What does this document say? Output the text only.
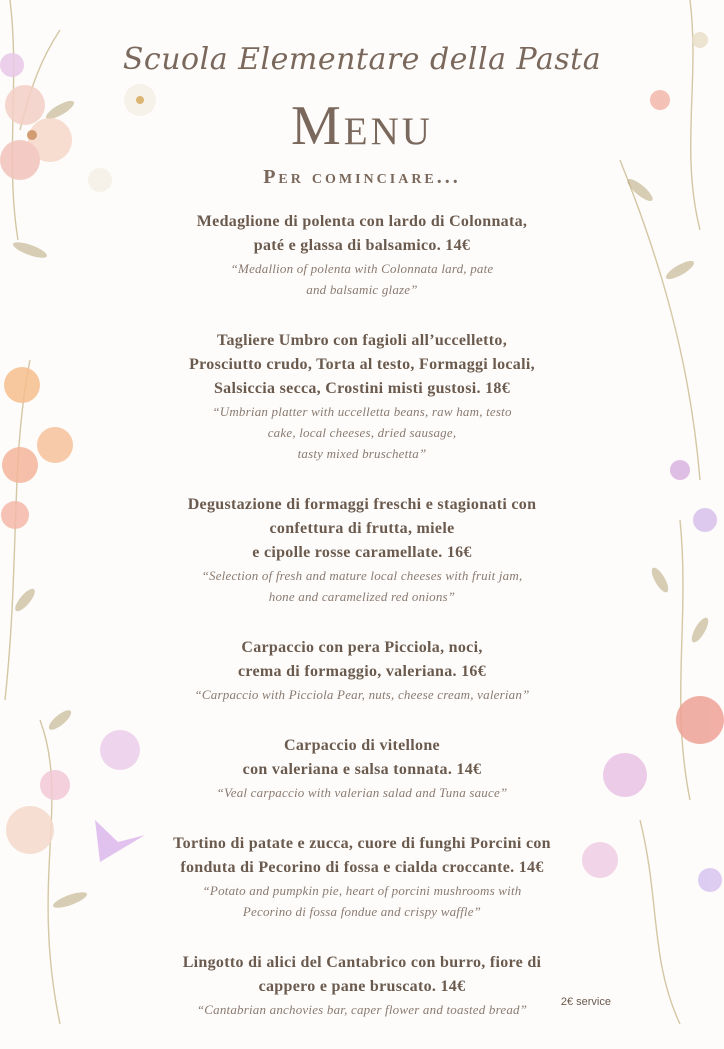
Scuola Elementare della Pasta
Menu
Per cominciare...
Medaglione di polenta con lardo di Colonnata,
paté e glassa di balsamico. 14€
“Medallion of polenta with Colonnata lard, pate
and balsamic glaze”
Tagliere Umbro con fagioli all’uccelletto,
Prosciutto crudo, Torta al testo, Formaggi locali,
Salsiccia secca, Crostini misti gustosi. 18€
“Umbrian platter with uccelletta beans, raw ham, testo
cake, local cheeses, dried sausage,
tasty mixed bruschetta”
Degustazione di formaggi freschi e stagionati con
confettura di frutta, miele
e cipolle rosse caramellate. 16€
“Selection of fresh and mature local cheeses with fruit jam,
hone and caramelized red onions”
Carpaccio con pera Picciola, noci,
crema di formaggio, valeriana. 16€
“Carpaccio with Picciola Pear, nuts, cheese cream, valerian”
Carpaccio di vitellone
con valeriana e salsa tonnata. 14€
“Veal carpaccio with valerian salad and Tuna sauce”
Tortino di patate e zucca, cuore di funghi Porcini con
fonduta di Pecorino di fossa e cialda croccante. 14€
“Potato and pumpkin pie, heart of porcini mushrooms with
Pecorino di fossa fondue and crispy waffle”
Lingotto di alici del Cantabrico con burro, fiore di
cappero e pane bruscato. 14€
“Cantabrian anchovies bar, caper flower and toasted bread”	2€ service
